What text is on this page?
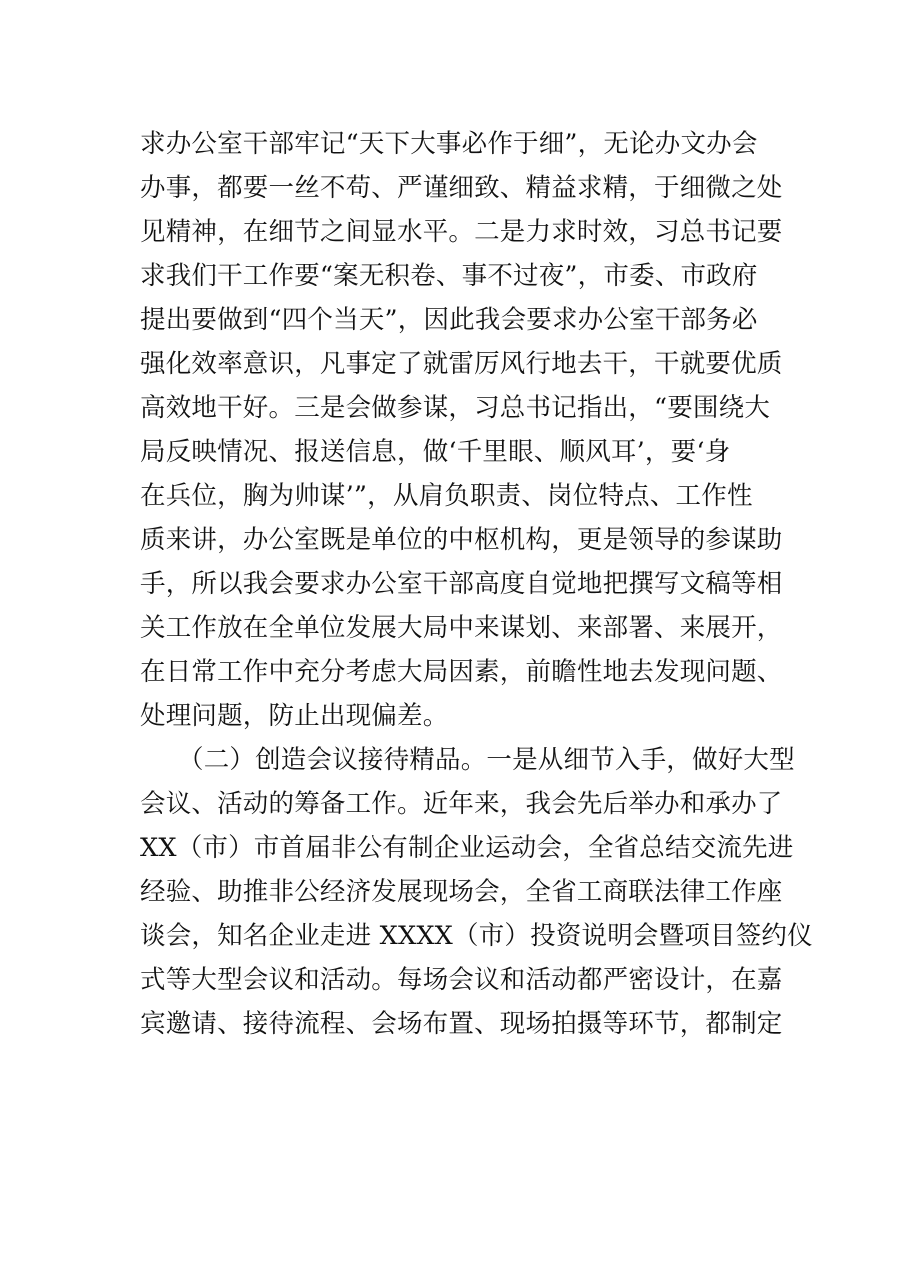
求办公室干部牢记“天下大事必作于细”，无论办文办会
办事，都要一丝不苟、严谨细致、精益求精，于细微之处
见精神，在细节之间显水平。二是力求时效，习总书记要
求我们干工作要“案无积卷、事不过夜”，市委、市政府
提出要做到“四个当天”，因此我会要求办公室干部务必
强化效率意识，凡事定了就雷厉风行地去干，干就要优质
高效地干好。三是会做参谋，习总书记指出，“要围绕大
局反映情况、报送信息，做‘千里眼、顺风耳’，要‘身
在兵位，胸为帅谋’”，从肩负职责、岗位特点、工作性
质来讲，办公室既是单位的中枢机构，更是领导的参谋助
手，所以我会要求办公室干部高度自觉地把撰写文稿等相
关工作放在全单位发展大局中来谋划、来部署、来展开，
在日常工作中充分考虑大局因素，前瞻性地去发现问题、
处理问题，防止出现偏差。
（二）创造会议接待精品。一是从细节入手，做好大型
会议、活动的筹备工作。近年来，我会先后举办和承办了
XX（市）市首届非公有制企业运动会，全省总结交流先进
经验、助推非公经济发展现场会，全省工商联法律工作座
谈会，知名企业走进 XXXX（市）投资说明会暨项目签约仪
式等大型会议和活动。每场会议和活动都严密设计，在嘉
宾邀请、接待流程、会场布置、现场拍摄等环节，都制定
